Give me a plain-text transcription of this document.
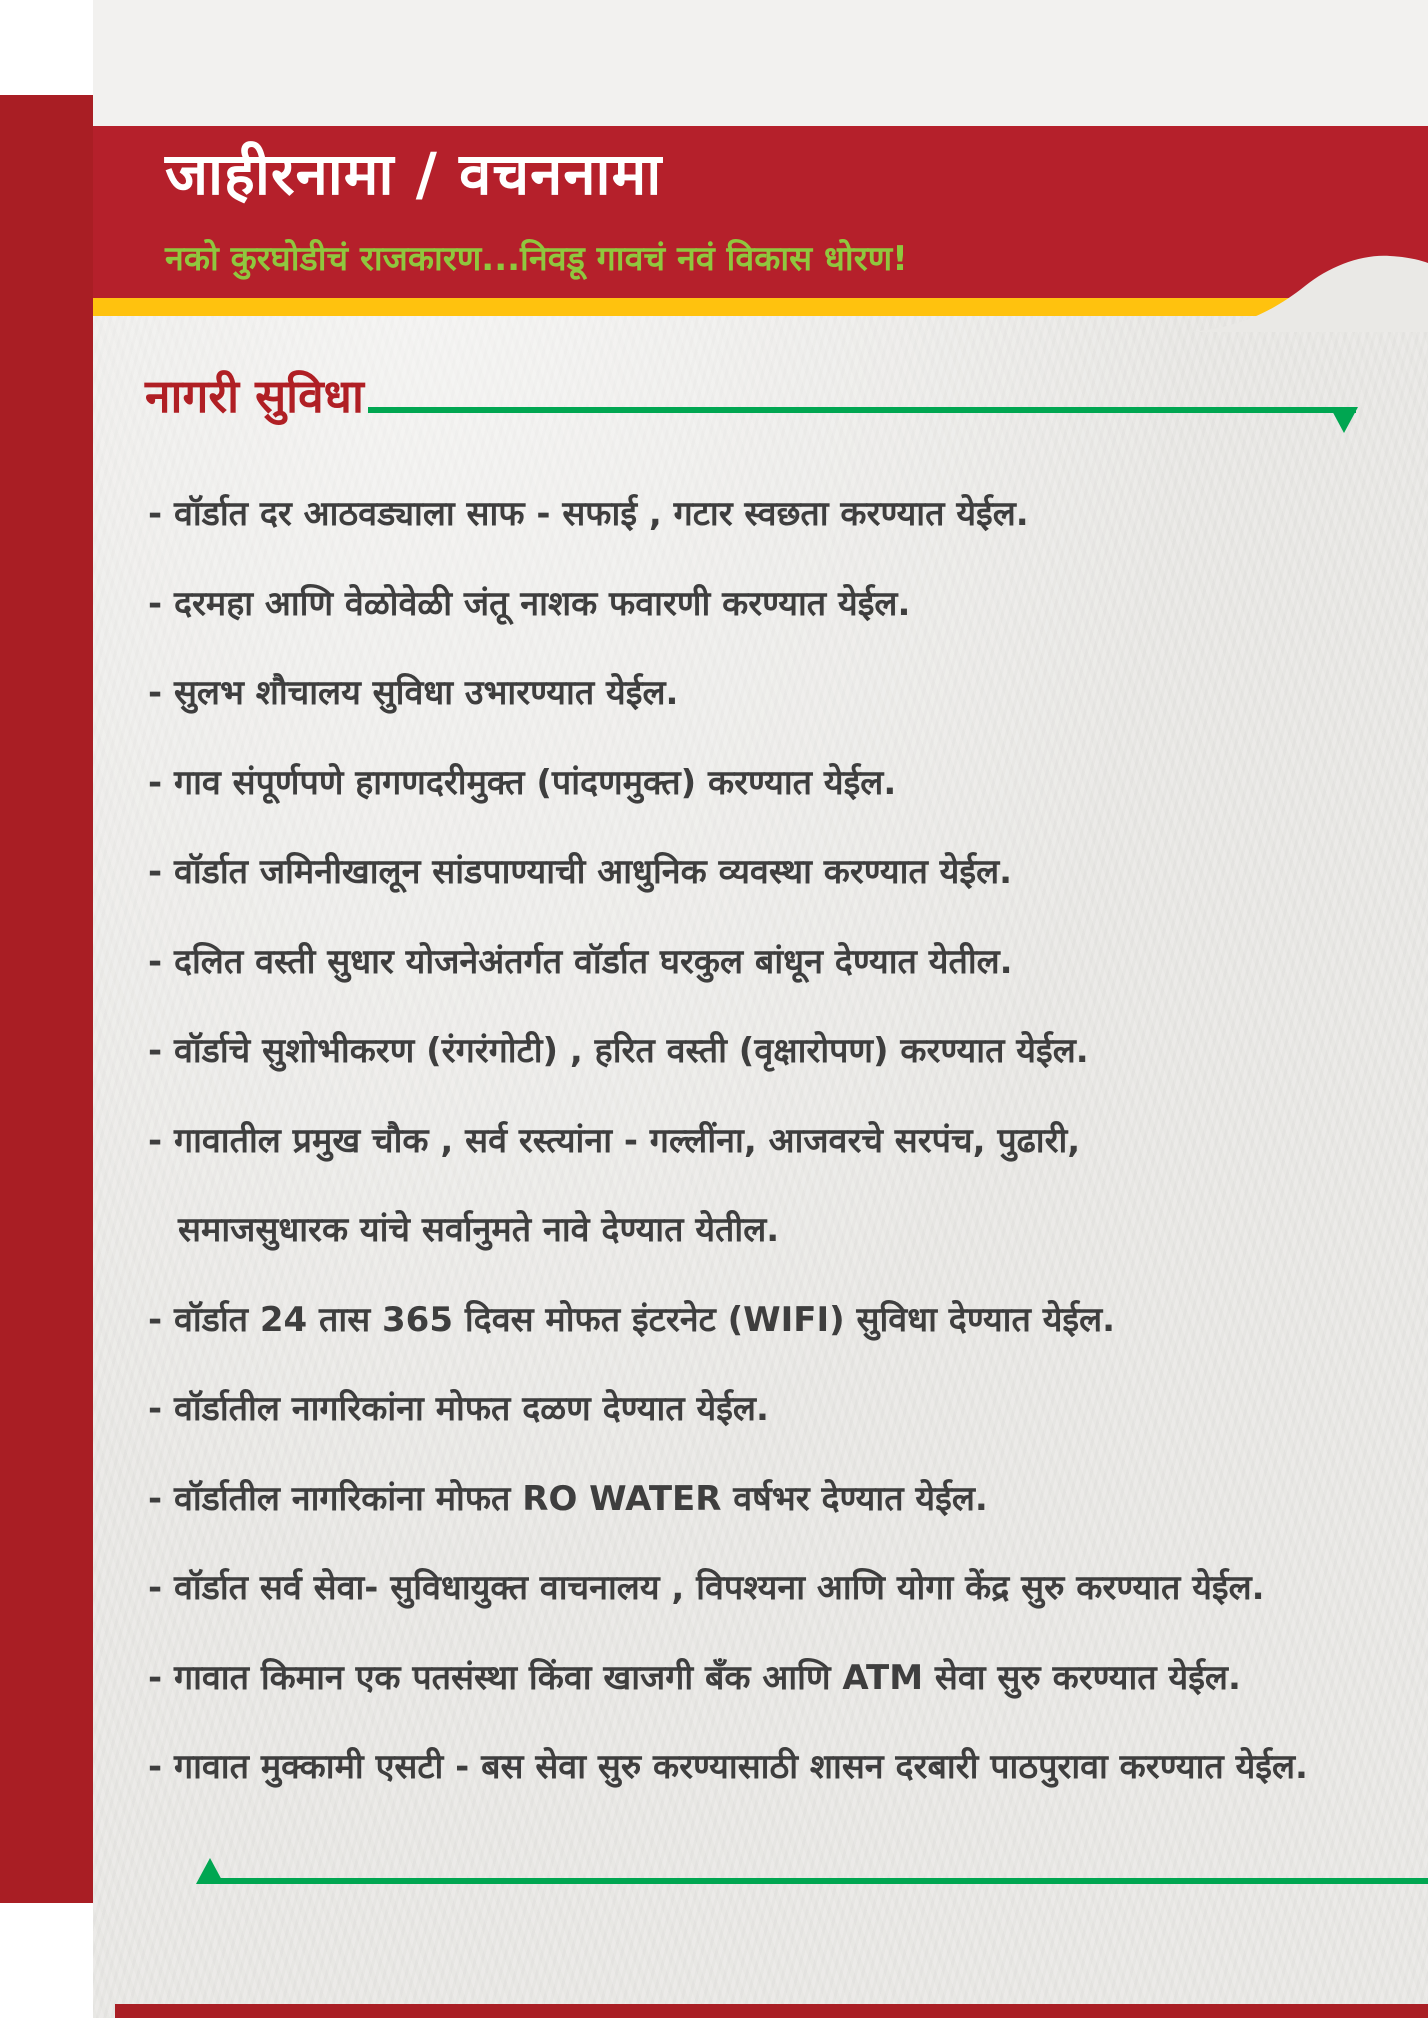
जाहीरनामा / वचननामा
नको कुरघोडीचं राजकारण...निवडू गावचं नवं विकास धोरण!
नागरी सुविधा
- वॉर्डात दर आठवड्याला साफ - सफाई , गटार स्वछता करण्यात येईल.
- दरमहा आणि वेळोवेळी जंतू नाशक फवारणी करण्यात येईल.
- सुलभ शौचालय सुविधा उभारण्यात येईल.
- गाव संपूर्णपणे हागणदरीमुक्त (पांदणमुक्त) करण्यात येईल.
- वॉर्डात जमिनीखालून सांडपाण्याची आधुनिक व्यवस्था करण्यात येईल.
- दलित वस्ती सुधार योजनेअंतर्गत वॉर्डात घरकुल बांधून देण्यात येतील.
- वॉर्डाचे सुशोभीकरण (रंगरंगोटी) , हरित वस्ती (वृक्षारोपण) करण्यात येईल.
- गावातील प्रमुख चौक , सर्व रस्त्यांना - गल्लींना, आजवरचे सरपंच, पुढारी,
समाजसुधारक यांचे सर्वानुमते नावे देण्यात येतील.
- वॉर्डात 24 तास 365 दिवस मोफत इंटरनेट (WIFI) सुविधा देण्यात येईल.
- वॉर्डातील नागरिकांना मोफत दळण देण्यात येईल.
- वॉर्डातील नागरिकांना मोफत RO WATER वर्षभर देण्यात येईल.
- वॉर्डात सर्व सेवा- सुविधायुक्त वाचनालय , विपश्यना आणि योगा केंद्र सुरु करण्यात येईल.
- गावात किमान एक पतसंस्था किंवा खाजगी बँक आणि ATM सेवा सुरु करण्यात येईल.
- गावात मुक्कामी एसटी - बस सेवा सुरु करण्यासाठी शासन दरबारी पाठपुरावा करण्यात येईल.
